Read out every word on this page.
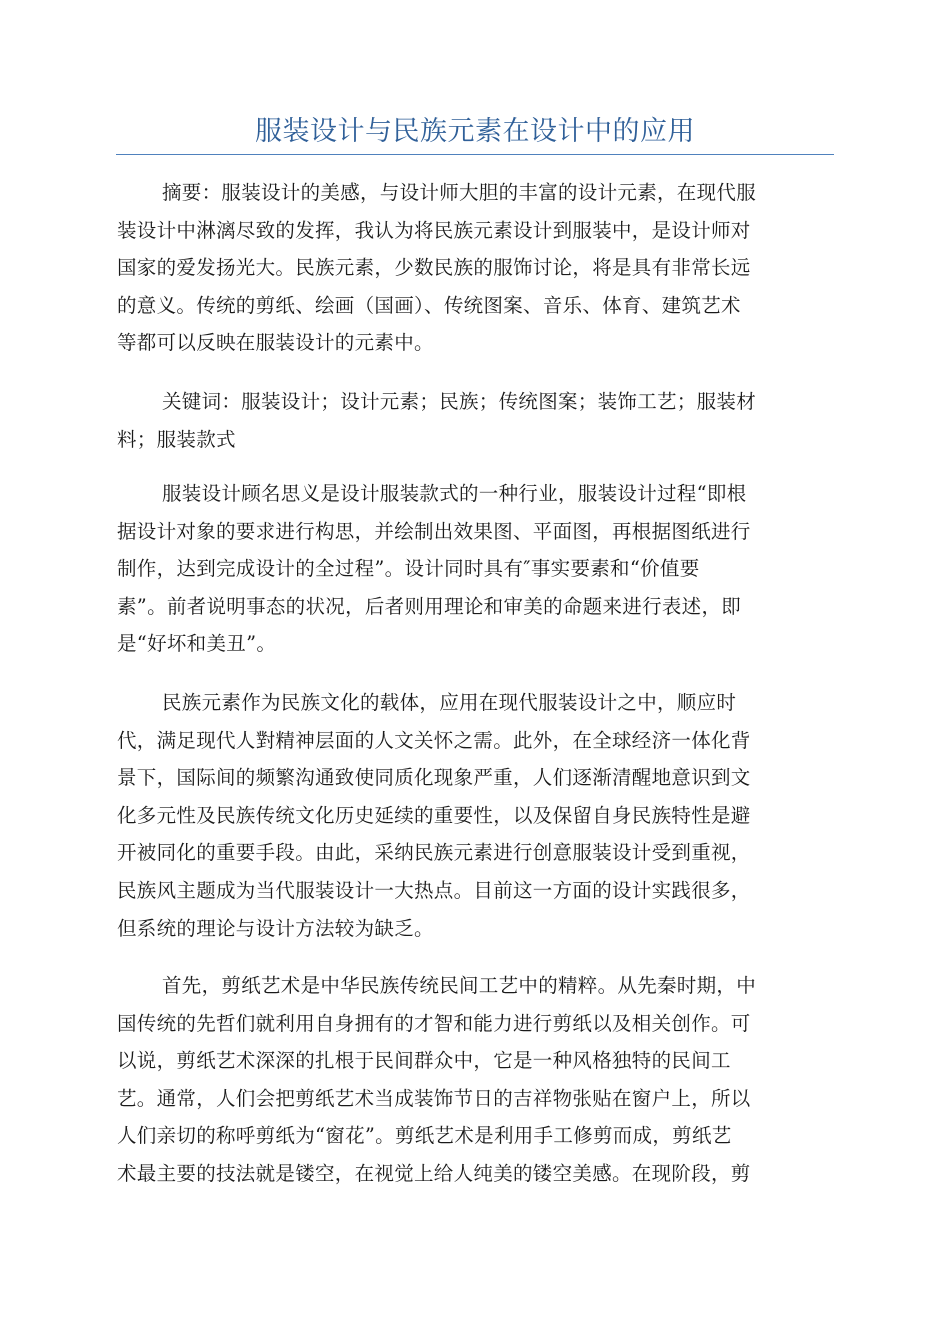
服装设计与民族元素在设计中的应用
摘要：服装设计的美感，与设计师大胆的丰富的设计元素，在现代服
装设计中淋漓尽致的发挥，我认为将民族元素设计到服装中，是设计师对
国家的爱发扬光大。民族元素，少数民族的服饰讨论，将是具有非常长远
的意义。传统的剪纸、绘画（国画）、传统图案、音乐、体育、建筑艺术
等都可以反映在服装设计的元素中。
关键词：服装设计；设计元素；民族；传统图案；装饰工艺；服装材
料；服装款式
服装设计顾名思义是设计服装款式的一种行业，服装设计过程“即根
据设计对象的要求进行构思，并绘制出效果图、平面图，再根据图纸进行
制作，达到完成设计的全过程”。设计同时具有″事实要素和“价值要
素”。前者说明事态的状况，后者则用理论和审美的命题来进行表述，即
是“好坏和美丑”。
民族元素作为民族文化的载体，应用在现代服装设计之中，顺应时
代，满足现代人對精神层面的人文关怀之需。此外，在全球经济一体化背
景下，国际间的频繁沟通致使同质化现象严重，人们逐渐清醒地意识到文
化多元性及民族传统文化历史延续的重要性，以及保留自身民族特性是避
开被同化的重要手段。由此，采纳民族元素进行创意服装设计受到重视，
民族风主题成为当代服装设计一大热点。目前这一方面的设计实践很多，
但系统的理论与设计方法较为缺乏。
首先，剪纸艺术是中华民族传统民间工艺中的精粹。从先秦时期，中
国传统的先哲们就利用自身拥有的才智和能力进行剪纸以及相关创作。可
以说，剪纸艺术深深的扎根于民间群众中，它是一种风格独特的民间工
艺。通常，人们会把剪纸艺术当成装饰节日的吉祥物张贴在窗户上，所以
人们亲切的称呼剪纸为“窗花”。剪纸艺术是利用手工修剪而成，剪纸艺
术最主要的技法就是镂空，在视觉上给人纯美的镂空美感。在现阶段，剪
